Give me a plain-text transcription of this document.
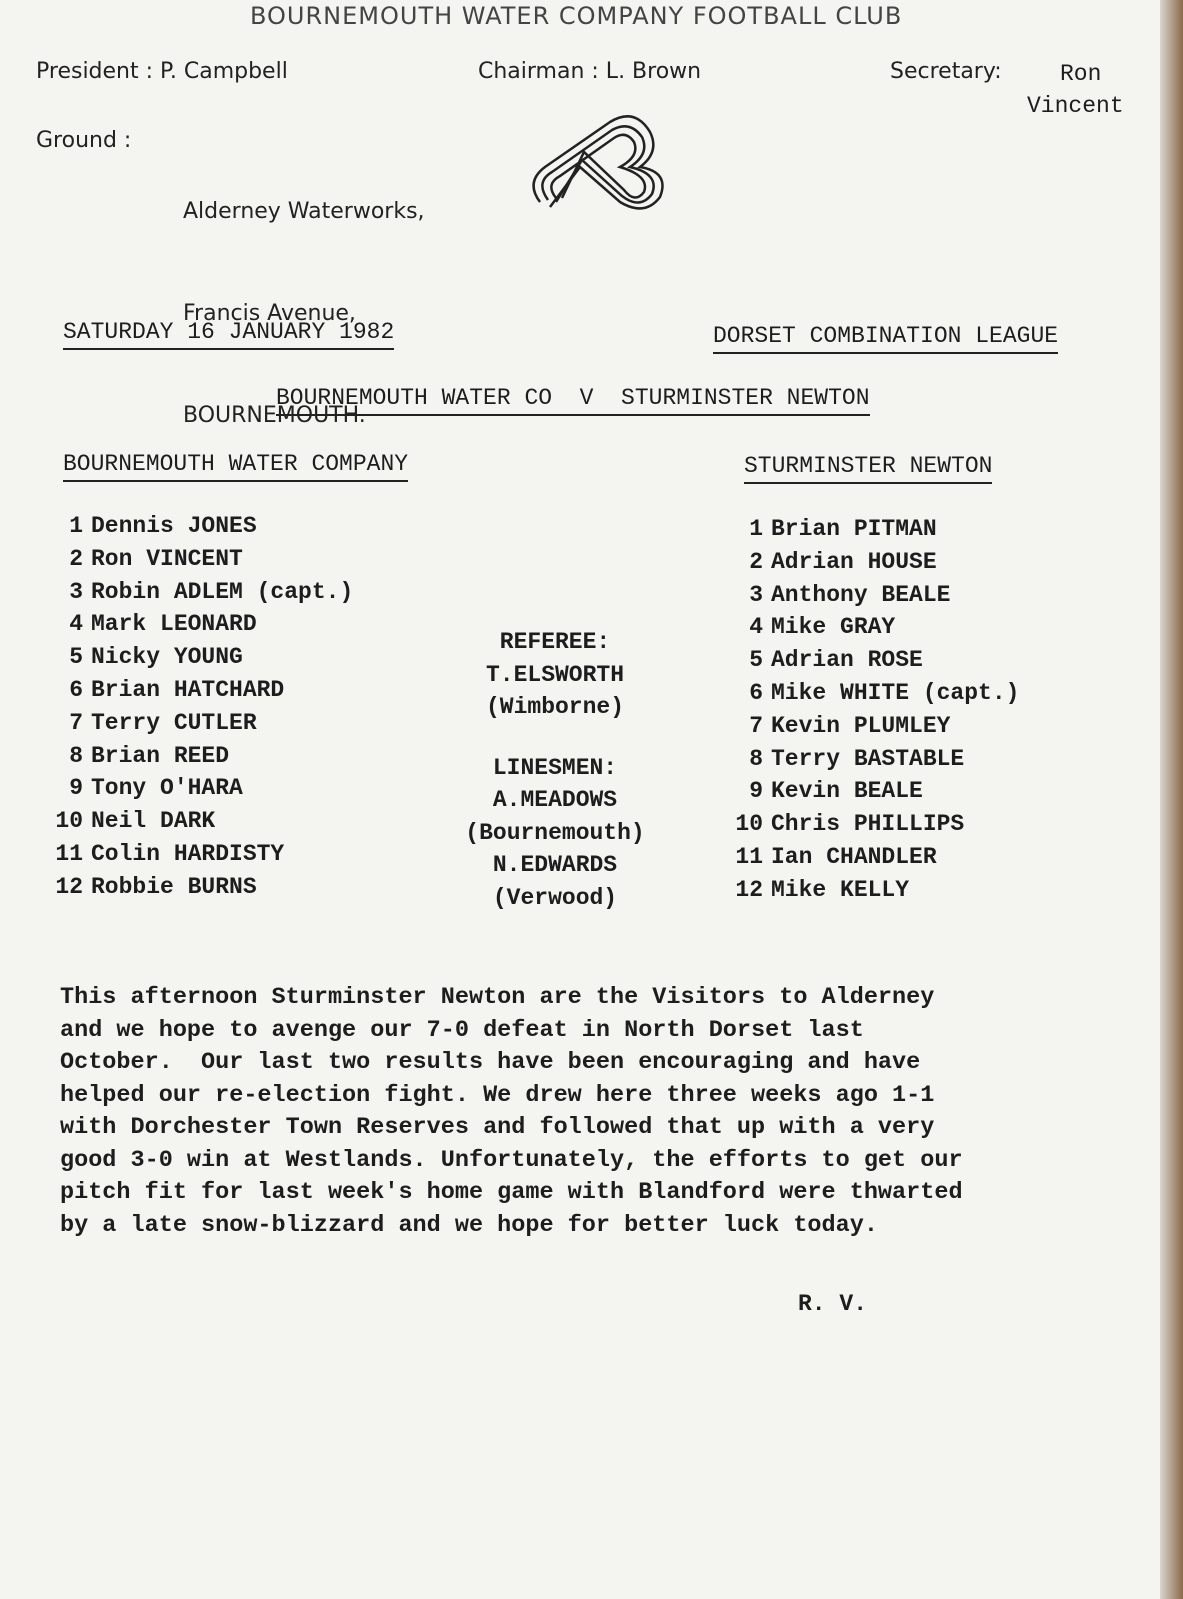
BOURNEMOUTH WATER COMPANY FOOTBALL CLUB
President : P. Campbell	Chairman : L. Brown	Secretary:	Ron
Vincent
Ground :

Alderney Waterworks,

Francis Avenue,

BOURNEMOUTH.

SATURDAY 16 JANUARY 1982	DORSET COMBINATION LEAGUE
BOURNEMOUTH WATER CO  V  STURMINSTER NEWTON
BOURNEMOUTH WATER COMPANY	STURMINSTER NEWTON
1 Dennis JONES
2 Ron VINCENT
3 Robin ADLEM (capt.)
4 Mark LEONARD
5 Nicky YOUNG
6 Brian HATCHARD
7 Terry CUTLER
8 Brian REED
9 Tony O'HARA
10 Neil DARK
11 Colin HARDISTY
12 Robbie BURNS
1 Brian PITMAN
2 Adrian HOUSE
3 Anthony BEALE
4 Mike GRAY
5 Adrian ROSE
6 Mike WHITE (capt.)
7 Kevin PLUMLEY
8 Terry BASTABLE
9 Kevin BEALE
10 Chris PHILLIPS
11 Ian CHANDLER
12 Mike KELLY
REFEREE:
T.ELSWORTH
(Wimborne)
LINESMEN:
A.MEADOWS
(Bournemouth)
N.EDWARDS
(Verwood)
This afternoon Sturminster Newton are the Visitors to Alderney
and we hope to avenge our 7-0 defeat in North Dorset last
October.  Our last two results have been encouraging and have
helped our re-election fight. We drew here three weeks ago 1-1
with Dorchester Town Reserves and followed that up with a very
good 3-0 win at Westlands. Unfortunately, the efforts to get our
pitch fit for last week's home game with Blandford were thwarted
by a late snow-blizzard and we hope for better luck today.
R. V.
